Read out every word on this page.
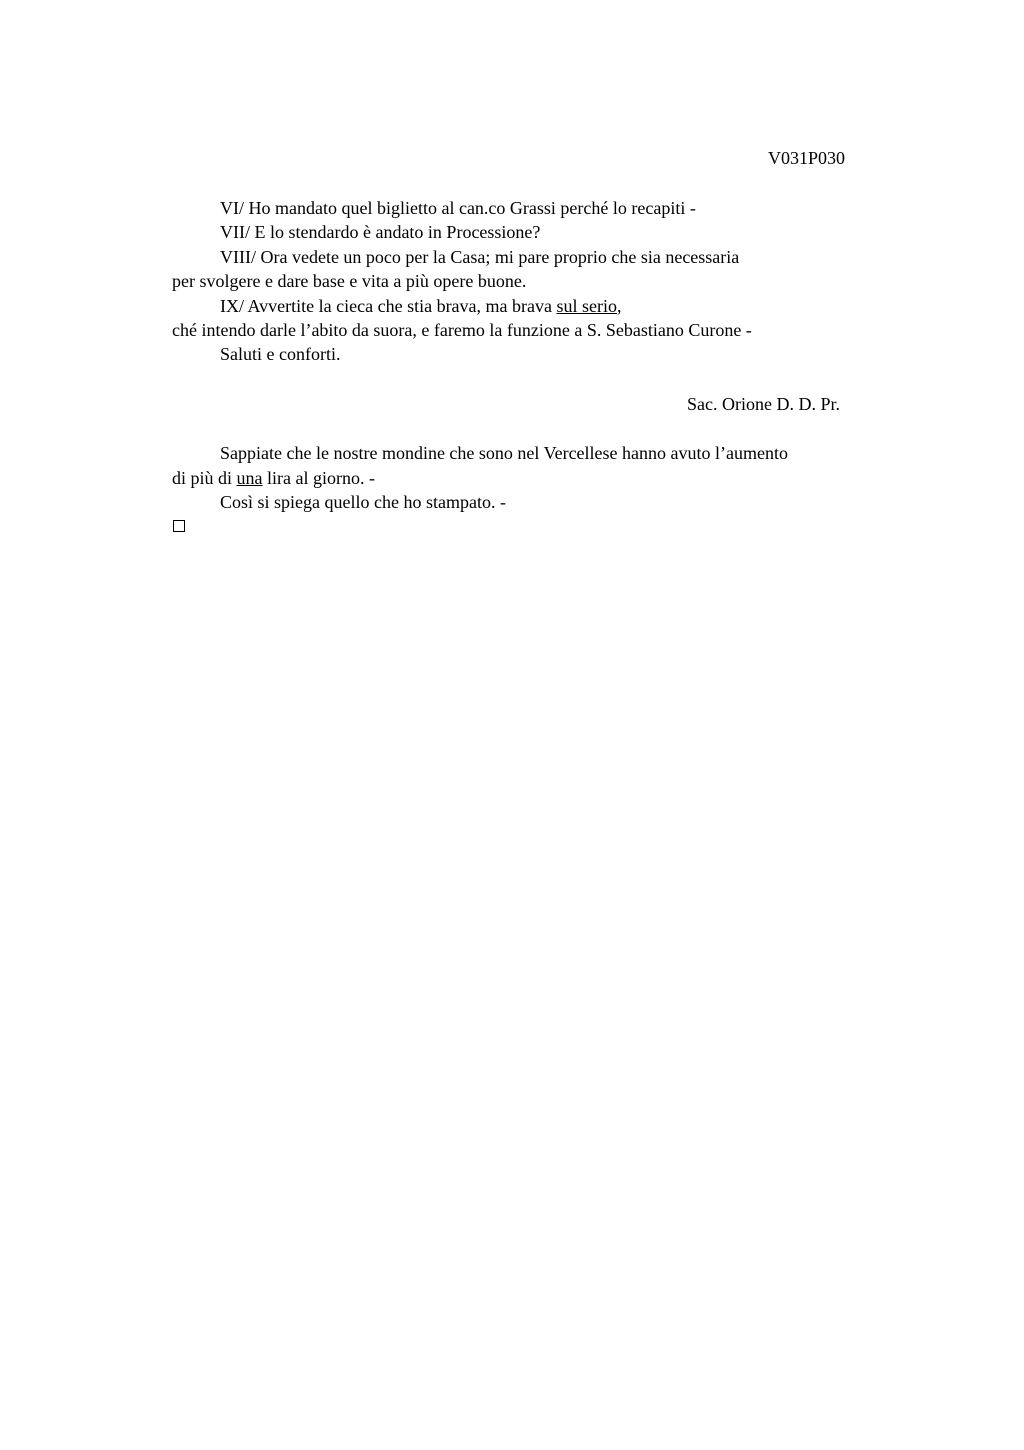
V031P030
VI/ Ho mandato quel biglietto al can.co Grassi perché lo recapiti -
VII/ E lo stendardo è andato in Processione?
VIII/ Ora vedete un poco per la Casa; mi pare proprio che sia necessaria
per svolgere e dare base e vita a più opere buone.
IX/ Avvertite la cieca che stia brava, ma brava sul serio,
ché intendo darle l’abito da suora, e faremo la funzione a S. Sebastiano Curone -
Saluti e conforti.
Sac. Orione D. D. Pr.
Sappiate che le nostre mondine che sono nel Vercellese hanno avuto l’aumento
di più di una lira al giorno. -
Così si spiega quello che ho stampato. -
